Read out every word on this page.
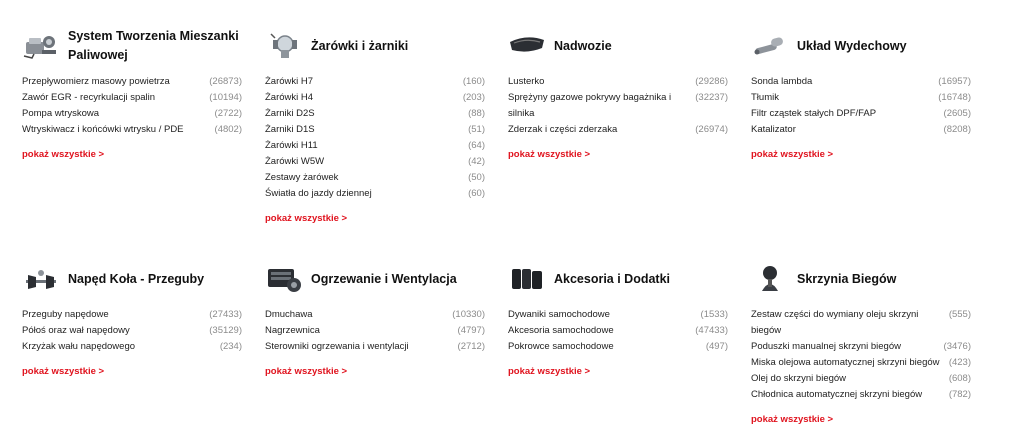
System Tworzenia Mieszanki Paliwowej
Przepływomierz masowy powietrza	(26873)
Zawór EGR - recyrkulacji spalin	(10194)
Pompa wtryskowa	(2722)
Wtryskiwacz i końcówki wtrysku / PDE	(4802)
pokaż wszystkie >
Żarówki i żarniki
Żarówki H7	(160)
Żarówki H4	(203)
Żarniki D2S	(88)
Żarniki D1S	(51)
Żarówki H11	(64)
Żarówki W5W	(42)
Zestawy żarówek	(50)
Światła do jazdy dziennej	(60)
pokaż wszystkie >
Nadwozie
Lusterko	(29286)
Sprężyny gazowe pokrywy bagażnika i silnika
(32237)
Zderzak i części zderzaka	(26974)
pokaż wszystkie >
Układ Wydechowy
Sonda lambda	(16957)
Tłumik	(16748)
Filtr cząstek stałych DPF/FAP	(2605)
Katalizator	(8208)
pokaż wszystkie >
Napęd Koła - Przeguby
Przeguby napędowe	(27433)
Półoś oraz wał napędowy	(35129)
Krzyżak wału napędowego	(234)
pokaż wszystkie >
Ogrzewanie i Wentylacja
Dmuchawa	(10330)
Nagrzewnica	(4797)
Sterowniki ogrzewania i wentylacji	(2712)
pokaż wszystkie >
Akcesoria i Dodatki
Dywaniki samochodowe	(1533)
Akcesoria samochodowe	(47433)
Pokrowce samochodowe	(497)
pokaż wszystkie >
Skrzynia Biegów
Zestaw części do wymiany oleju skrzyni biegów
(555)
Poduszki manualnej skrzyni biegów	(3476)
Miska olejowa automatycznej skrzyni biegów (423)
Olej do skrzyni biegów	(608)
Chłodnica automatycznej skrzyni biegów	(782)
pokaż wszystkie >
